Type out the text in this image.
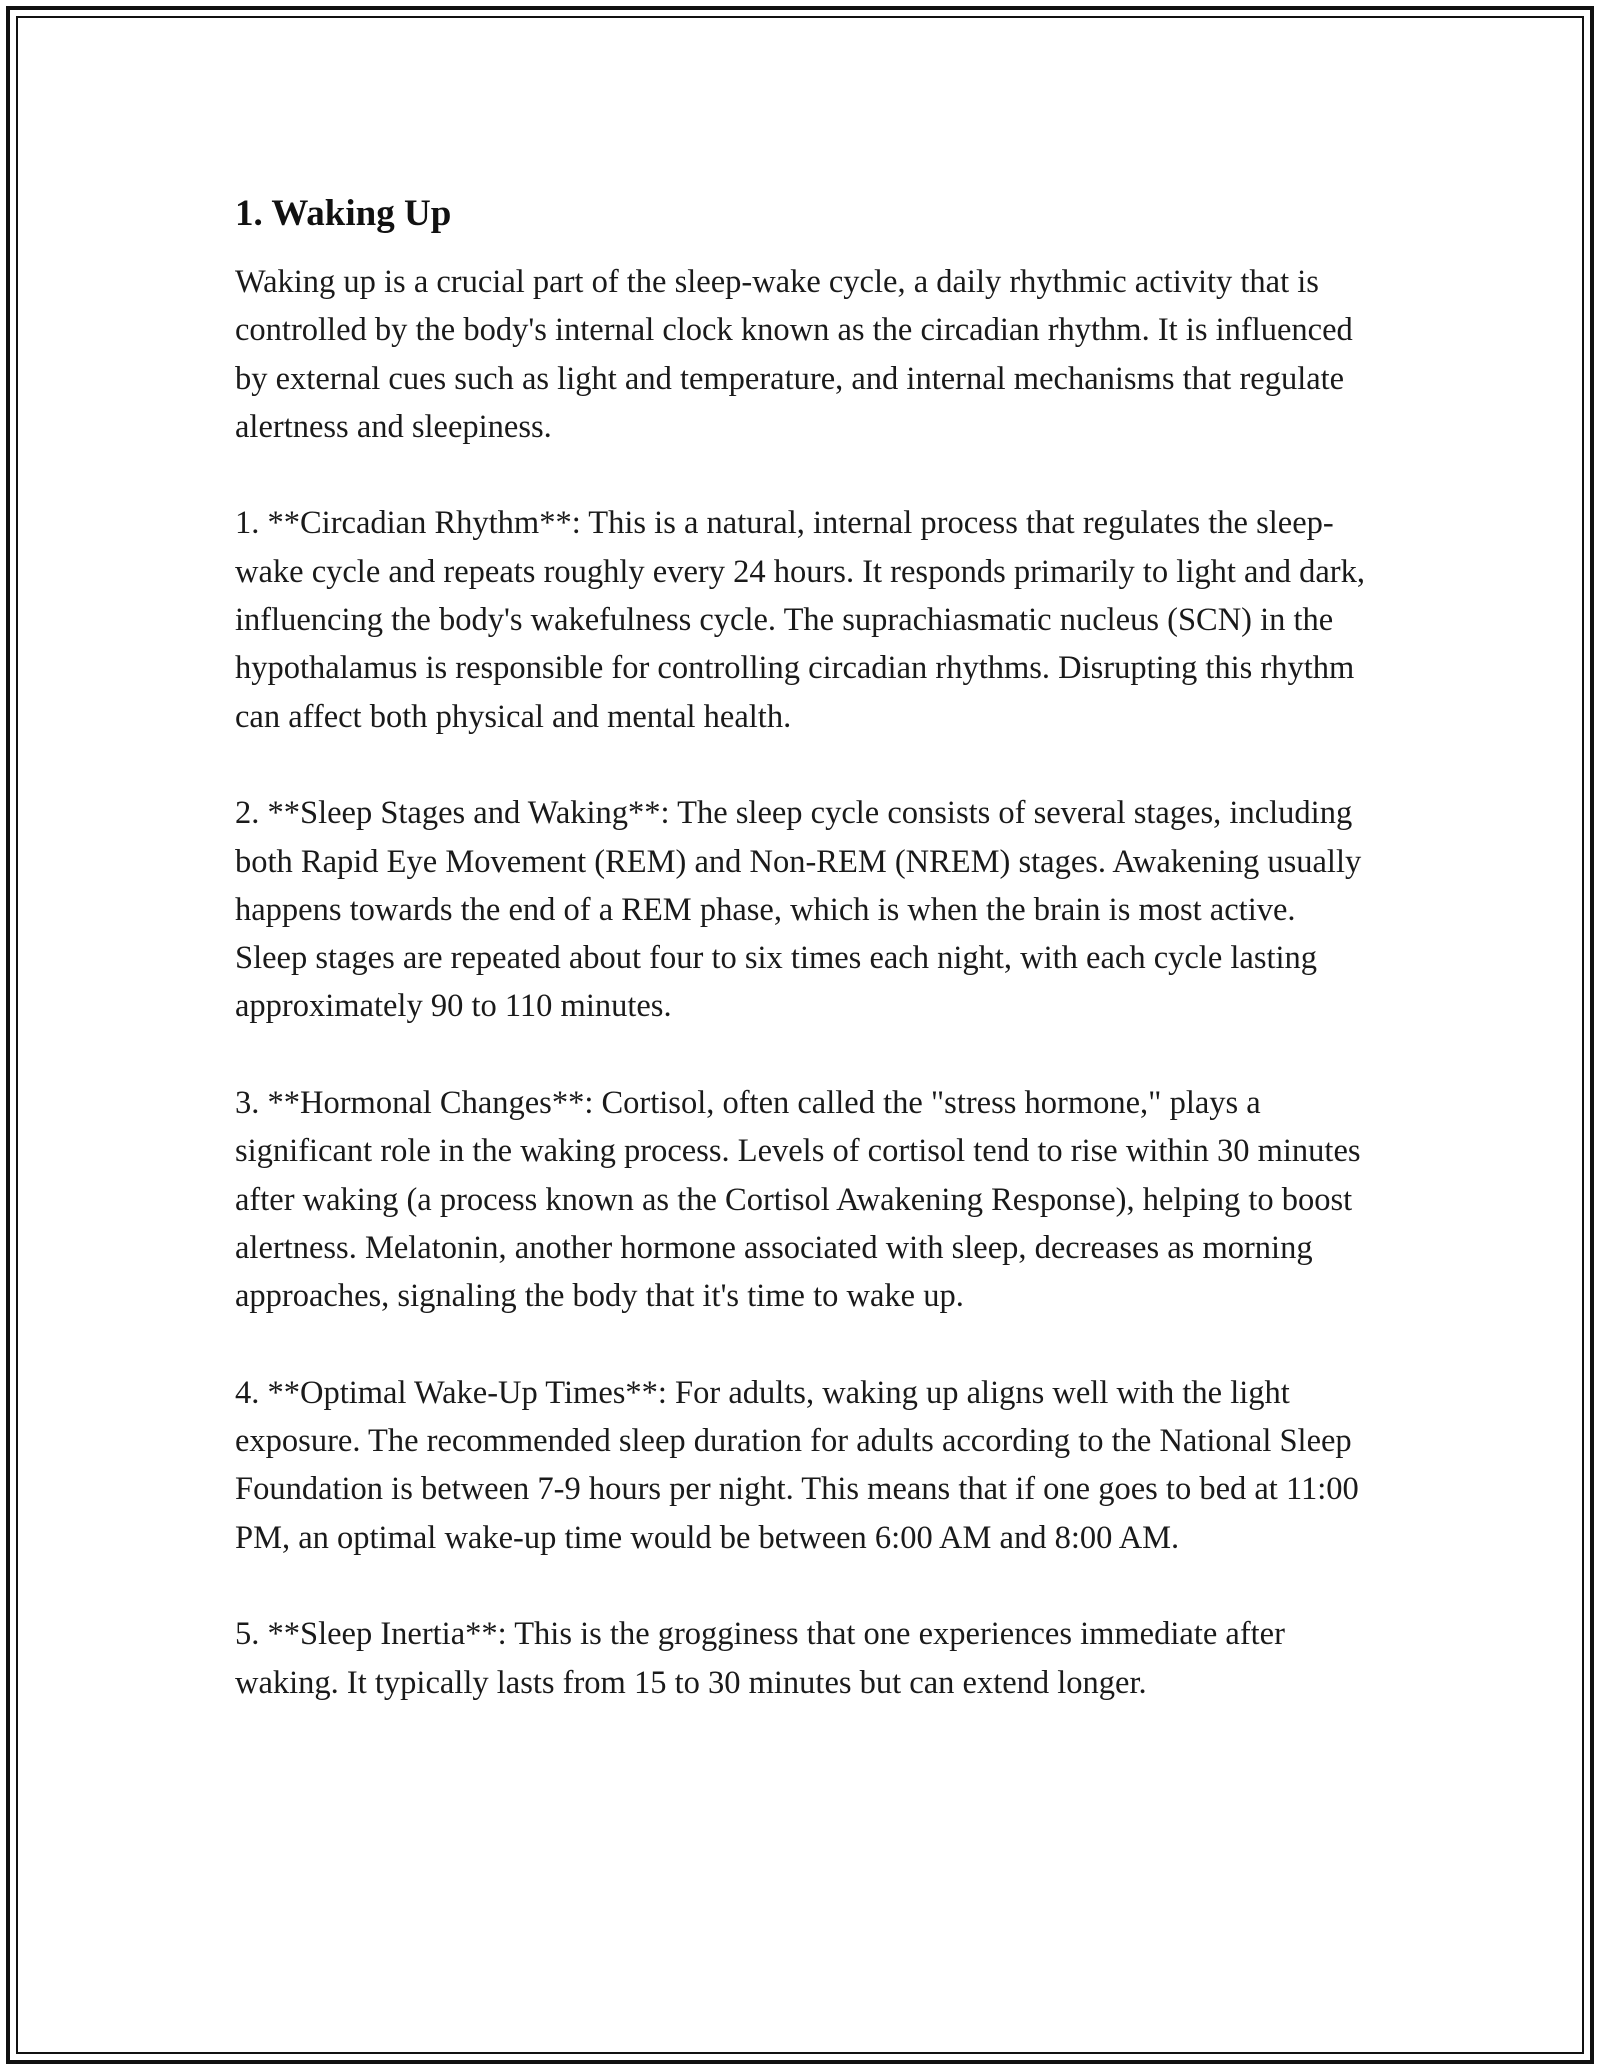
1. Waking Up

Waking up is a crucial part of the sleep-wake cycle, a daily rhythmic activity that is controlled by the body's internal clock known as the circadian rhythm. It is influenced by external cues such as light and temperature, and internal mechanisms that regulate alertness and sleepiness.

1. **Circadian Rhythm**: This is a natural, internal process that regulates the sleep-wake cycle and repeats roughly every 24 hours. It responds primarily to light and dark, influencing the body's wakefulness cycle. The suprachiasmatic nucleus (SCN) in the hypothalamus is responsible for controlling circadian rhythms. Disrupting this rhythm can affect both physical and mental health.

2. **Sleep Stages and Waking**: The sleep cycle consists of several stages, including both Rapid Eye Movement (REM) and Non-REM (NREM) stages. Awakening usually happens towards the end of a REM phase, which is when the brain is most active. Sleep stages are repeated about four to six times each night, with each cycle lasting approximately 90 to 110 minutes.

3. **Hormonal Changes**: Cortisol, often called the "stress hormone," plays a significant role in the waking process. Levels of cortisol tend to rise within 30 minutes after waking (a process known as the Cortisol Awakening Response), helping to boost alertness. Melatonin, another hormone associated with sleep, decreases as morning approaches, signaling the body that it's time to wake up.

4. **Optimal Wake-Up Times**: For adults, waking up aligns well with the light exposure. The recommended sleep duration for adults according to the National Sleep Foundation is between 7-9 hours per night. This means that if one goes to bed at 11:00 PM, an optimal wake-up time would be between 6:00 AM and 8:00 AM.

5. **Sleep Inertia**: This is the grogginess that one experiences immediate after waking. It typically lasts from 15 to 30 minutes but can extend longer.
